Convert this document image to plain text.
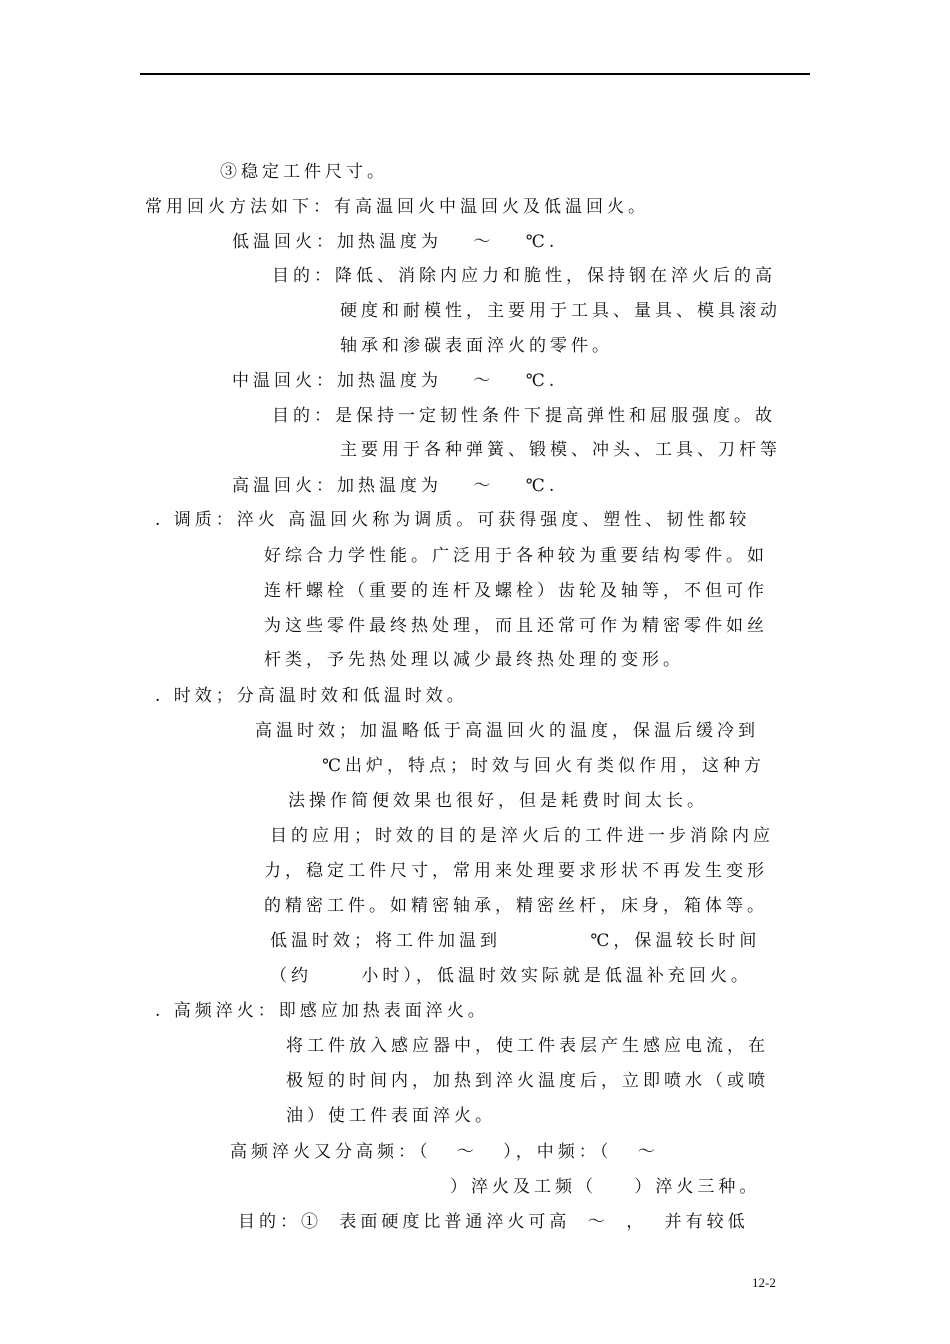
③稳定工件尺寸。
常用回火方法如下：有高温回火中温回火及低温回火。
低温回火：加热温度为 ～ ℃.
目的：降低、消除内应力和脆性，保持钢在淬火后的高
硬度和耐模性，主要用于工具、量具、模具滚动
轴承和渗碳表面淬火的零件。
中温回火：加热温度为 ～ ℃.
目的：是保持一定韧性条件下提高弹性和屈服强度。故
主要用于各种弹簧、锻模、冲头、工具、刀杆等
高温回火：加热温度为 ～ ℃.
. 调质：淬火 高温回火称为调质。可获得强度、塑性、韧性都较
好综合力学性能。广泛用于各种较为重要结构零件。如
连杆螺栓（重要的连杆及螺栓）齿轮及轴等，不但可作
为这些零件最终热处理，而且还常可作为精密零件如丝
杆类，予先热处理以减少最终热处理的变形。
. 时效；分高温时效和低温时效。
高温时效；加温略低于高温回火的温度，保温后缓冷到
℃出炉，特点；时效与回火有类似作用，这种方
法操作简便效果也很好，但是耗费时间太长。
目的应用；时效的目的是淬火后的工件进一步消除内应
力，稳定工件尺寸，常用来处理要求形状不再发生变形
的精密工件。如精密轴承，精密丝杆，床身，箱体等。
低温时效；将工件加温到 ℃，保温较长时间
（约 小时），低温时效实际就是低温补充回火。
. 高频淬火：即感应加热表面淬火。
将工件放入感应器中，使工件表层产生感应电流，在
极短的时间内，加热到淬火温度后，立即喷水（或喷
油）使工件表面淬火。
高频淬火又分高频：（ ～ ），中频：（ ～
）淬火及工频（ ）淬火三种。
目的：① 表面硬度比普通淬火可高 ～ ， 并有较低
12-2
